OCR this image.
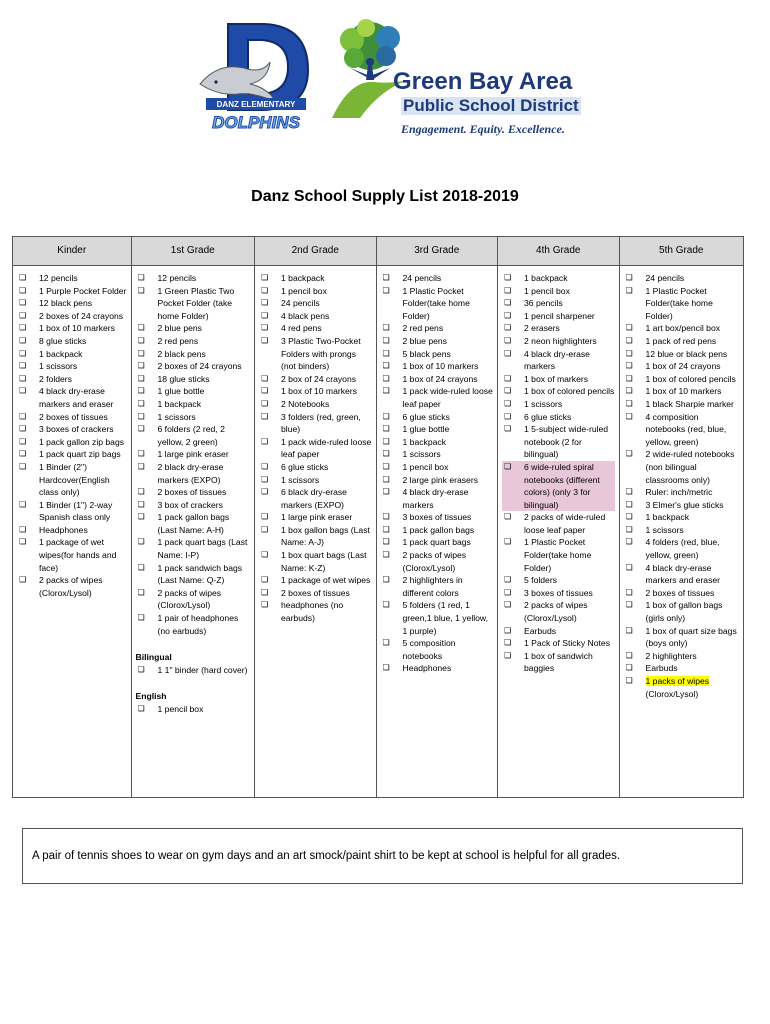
DANZ ELEMENTARY
DOLPHINS
Green Bay Area
Public School District
Engagement. Equity. Excellence.
Danz School Supply List 2018-2019
Kinder
❏ 12 pencils
❏ 1 Purple Pocket Folder
❏ 12 black pens
❏ 2 boxes of 24 crayons
❏ 1 box of 10 markers
❏ 8 glue sticks
❏ 1 backpack
❏ 1 scissors
❏ 2 folders
❏ 4 black dry-erase markers and eraser
❏ 2 boxes of tissues
❏ 3 boxes of crackers
❏ 1 pack gallon zip bags
❏ 1 pack quart zip bags
❏ 1 Binder (2") Hardcover(English class only)
❏ 1 Binder (1") 2-way Spanish class only
❏ Headphones
❏ 1 package of wet wipes(for hands and face)
❏ 2 packs of wipes (Clorox/Lysol)
1st Grade
❏ 12 pencils
❏ 1 Green Plastic Two Pocket Folder (take home Folder)
❏ 2 blue pens
❏ 2 red pens
❏ 2 black pens
❏ 2 boxes of 24 crayons
❏ 18 glue sticks
❏ 1 glue bottle
❏ 1 backpack
❏ 1 scissors
❏ 6 folders (2 red, 2 yellow, 2 green)
❏ 1 large pink eraser
❏ 2 black dry-erase markers (EXPO)
❏ 2 boxes of tissues
❏ 3 box of crackers
❏ 1 pack gallon bags (Last Name: A-H)
❏ 1 pack quart bags (Last Name: I-P)
❏ 1 pack sandwich bags (Last Name: Q-Z)
❏ 2 packs of wipes (Clorox/Lysol)
❏ 1 pair of headphones (no earbuds)
Bilingual
❏ 1 1" binder (hard cover)
English
❏ 1 pencil box
2nd Grade
❏ 1 backpack
❏ 1 pencil box
❏ 24 pencils
❏ 4 black pens
❏ 4 red pens
❏ 3 Plastic Two-Pocket Folders with prongs (not binders)
❏ 2 box of 24 crayons
❏ 1 box of 10 markers
❏ 2 Notebooks
❏ 3 folders (red, green, blue)
❏ 1 pack wide-ruled loose leaf paper
❏ 6 glue sticks
❏ 1 scissors
❏ 6 black dry-erase markers (EXPO)
❏ 1 large pink eraser
❏ 1 box gallon bags (Last Name: A-J)
❏ 1 box quart bags (Last Name: K-Z)
❏ 1 package of wet wipes
❏ 2 boxes of tissues
❏ headphones (no earbuds)
3rd Grade
❏ 24 pencils
❏ 1 Plastic Pocket Folder(take home Folder)
❏ 2 red pens
❏ 2 blue pens
❏ 5 black pens
❏ 1 box of 10 markers
❏ 1 box of 24 crayons
❏ 1 pack wide-ruled loose leaf paper
❏ 6 glue sticks
❏ 1 glue bottle
❏ 1 backpack
❏ 1 scissors
❏ 1 pencil box
❏ 2 large pink erasers
❏ 4 black dry-erase markers
❏ 3 boxes of tissues
❏ 1 pack gallon bags
❏ 1 pack quart bags
❏ 2 packs of wipes (Clorox/Lysol)
❏ 2 highlighters in different colors
❏ 5 folders (1 red, 1 green,1 blue, 1 yellow, 1 purple)
❏ 5 composition notebooks
❏ Headphones
4th Grade
❏ 1 backpack
❏ 1 pencil box
❏ 36 pencils
❏ 1 pencil sharpener
❏ 2 erasers
❏ 2 neon highlighters
❏ 4 black dry-erase markers
❏ 1 box of markers
❏ 1 box of colored pencils
❏ 1 scissors
❏ 6 glue sticks
❏ 1 5-subject wide-ruled notebook (2 for bilingual)
❏ 6 wide-ruled spiral notebooks (different colors) (only 3 for bilingual)
❏ 2 packs of wide-ruled loose leaf paper
❏ 1 Plastic Pocket Folder(take home Folder)
❏ 5 folders
❏ 3 boxes of tissues
❏ 2 packs of wipes (Clorox/Lysol)
❏ Earbuds
❏ 1 Pack of Sticky Notes
❏ 1 box of sandwich baggies
5th Grade
❏ 24 pencils
❏ 1 Plastic Pocket Folder(take home Folder)
❏ 1 art box/pencil box
❏ 1 pack of red pens
❏ 12 blue or black pens
❏ 1 box of 24 crayons
❏ 1 box of colored pencils
❏ 1 box of 10 markers
❏ 1 black Sharpie marker
❏ 4 composition notebooks (red, blue, yellow, green)
❏ 2 wide-ruled notebooks (non bilingual classrooms only)
❏ Ruler: inch/metric
❏ 3 Elmer's glue sticks
❏ 1 backpack
❏ 1 scissors
❏ 4 folders (red, blue, yellow, green)
❏ 4 black dry-erase markers and eraser
❏ 2 boxes of tissues
❏ 1 box of gallon bags (girls only)
❏ 1 box of quart size bags (boys only)
❏ 2 highlighters
❏ Earbuds
❏ 1 packs of wipes
(Clorox/Lysol)
A pair of tennis shoes to wear on gym days and an art smock/paint shirt to be kept at school is helpful for all grades.
